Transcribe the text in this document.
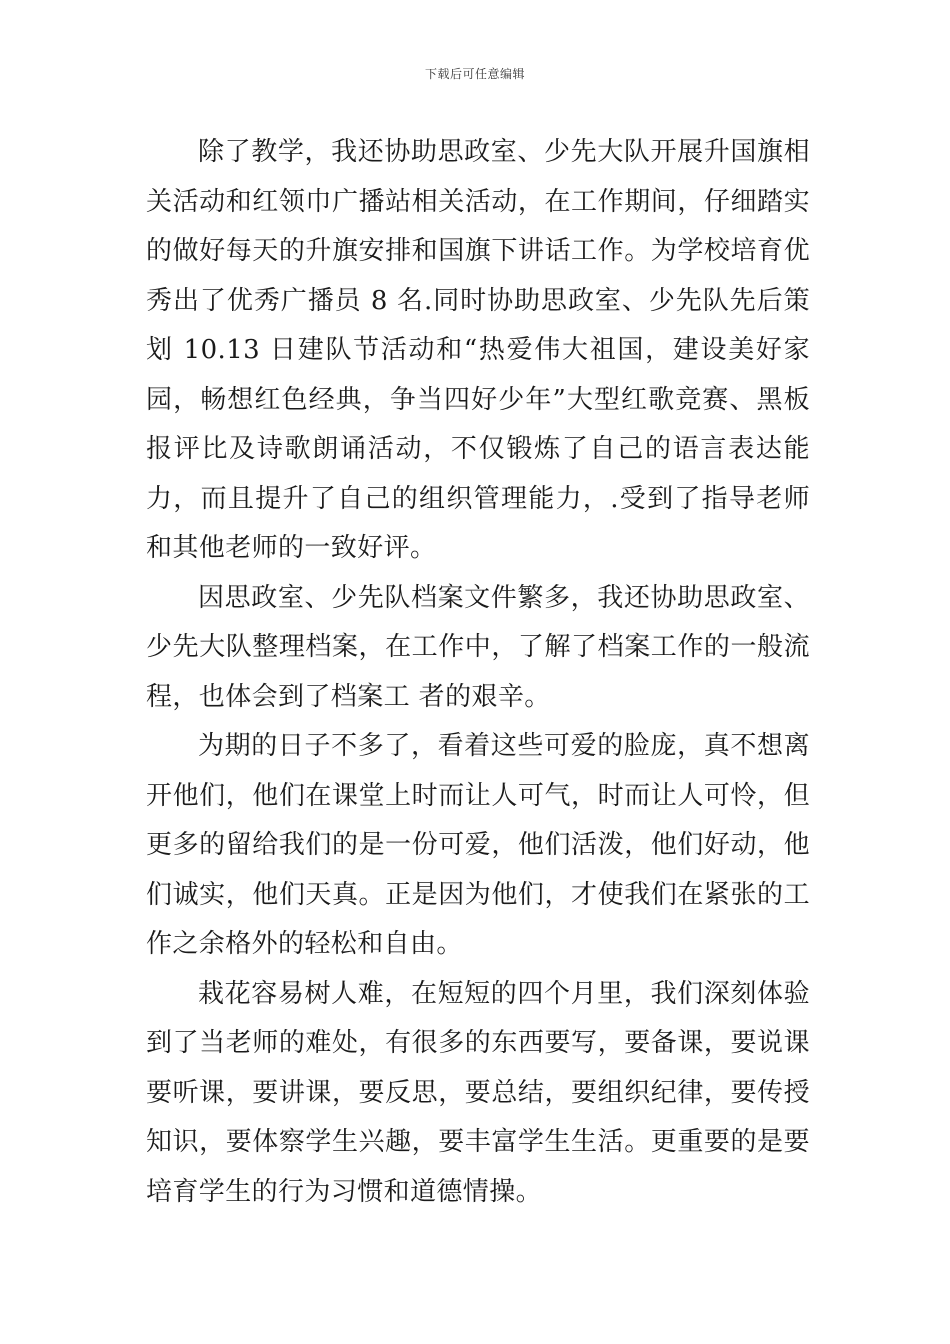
下载后可任意编辑

除了教学，我还协助思政室、少先大队开展升国旗相关活动和红领巾广播站相关活动，在工作期间，仔细踏实的做好每天的升旗安排和国旗下讲话工作。为学校培育优秀出了优秀广播员 8 名.同时协助思政室、少先队先后策划 10.13 日建队节活动和“热爱伟大祖国，建设美好家园，畅想红色经典，争当四好少年”大型红歌竞赛、黑板报评比及诗歌朗诵活动，不仅锻炼了自己的语言表达能力，而且提升了自己的组织管理能力，.受到了指导老师和其他老师的一致好评。

因思政室、少先队档案文件繁多，我还协助思政室、少先大队整理档案，在工作中，了解了档案工作的一般流程，也体会到了档案工 者的艰辛。

为期的日子不多了，看着这些可爱的脸庞，真不想离开他们，他们在课堂上时而让人可气，时而让人可怜，但更多的留给我们的是一份可爱，他们活泼，他们好动，他们诚实，他们天真。正是因为他们，才使我们在紧张的工作之余格外的轻松和自由。

栽花容易树人难，在短短的四个月里，我们深刻体验到了当老师的难处，有很多的东西要写，要备课，要说课要听课，要讲课，要反思，要总结，要组织纪律，要传授知识，要体察学生兴趣，要丰富学生生活。更重要的是要培育学生的行为习惯和道德情操。
